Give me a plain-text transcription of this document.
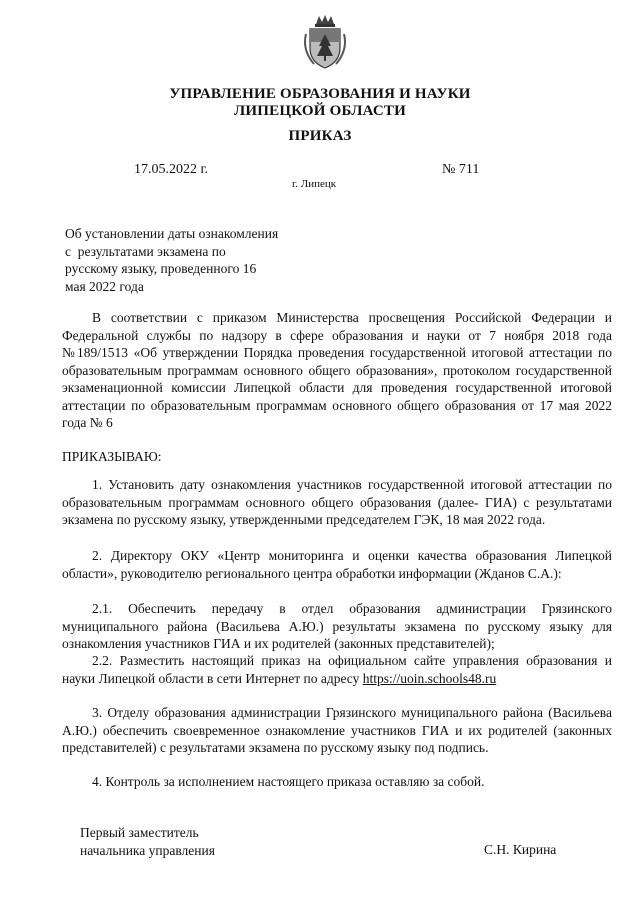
УПРАВЛЕНИЕ ОБРАЗОВАНИЯ И НАУКИ
ЛИПЕЦКОЙ ОБЛАСТИ
ПРИКАЗ
17.05.2022 г.	№ 711
г. Липецк
Об установлении даты ознакомления
с  результатами экзамена по
русскому языку, проведенного 16
мая 2022 года
В соответствии с приказом Министерства просвещения Российской Федерации и Федеральной службы по надзору в сфере образования и науки от 7 ноября 2018 года №189/1513 «Об утверждении Порядка проведения государственной итоговой аттестации по образовательным программам основного общего образования», протоколом государственной экзаменационной комиссии Липецкой области для проведения государственной итоговой аттестации по образовательным программам основного общего образования от 17 мая 2022 года № 6
ПРИКАЗЫВАЮ:
1. Установить дату ознакомления участников государственной итоговой аттестации по образовательным программам основного общего образования (далее- ГИА) с результатами экзамена по русскому языку, утвержденными председателем ГЭК, 18 мая 2022 года.
2. Директору ОКУ «Центр мониторинга и оценки качества образования Липецкой области», руководителю регионального центра обработки информации (Жданов С.А.):
2.1. Обеспечить передачу в отдел образования администрации Грязинского муниципального района (Васильева А.Ю.) результаты экзамена по русскому языку для ознакомления участников ГИА и их родителей (законных представителей);
2.2. Разместить настоящий приказ на официальном сайте управления образования и науки Липецкой области в сети Интернет по адресу https://uoin.schools48.ru
3. Отделу образования администрации Грязинского муниципального района (Васильева А.Ю.) обеспечить своевременное ознакомление участников ГИА и их родителей (законных представителей) с результатами экзамена по русскому языку под подпись.
4. Контроль за исполнением настоящего приказа оставляю за собой.
Первый заместитель
начальника управления	С.Н. Кирина
